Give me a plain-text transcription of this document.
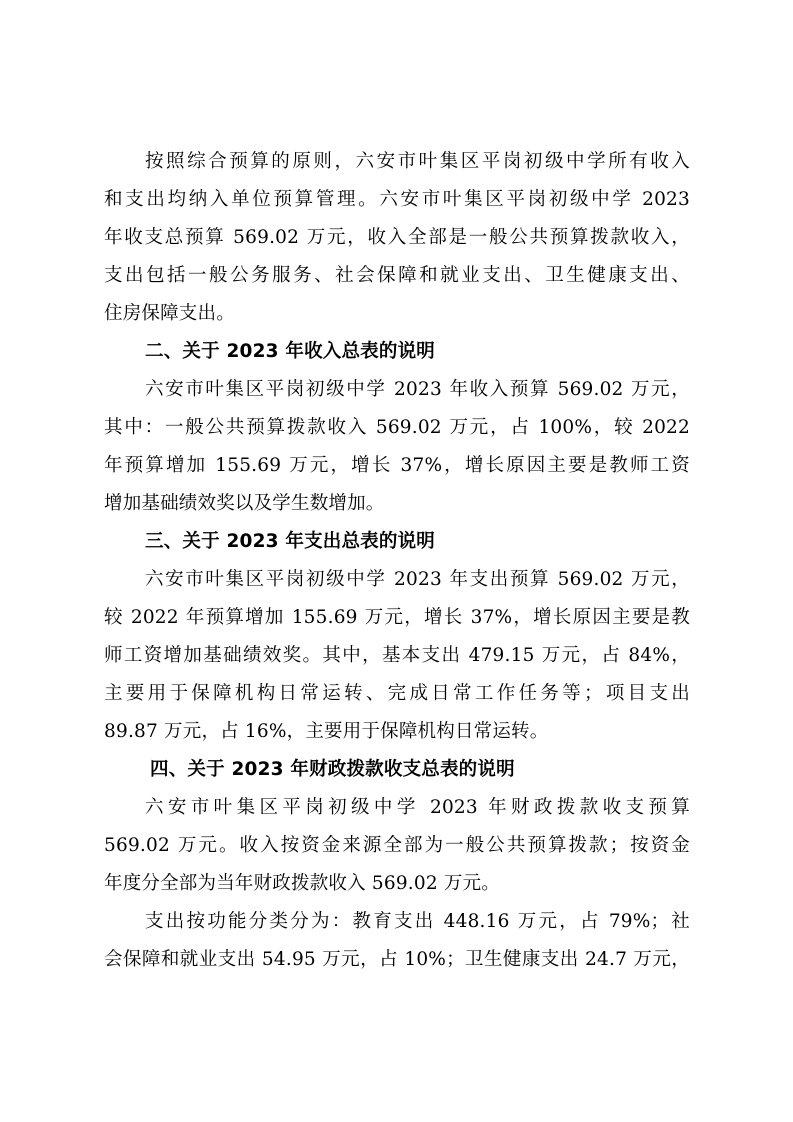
按照综合预算的原则，六安市叶集区平岗初级中学所有收入
和支出均纳入单位预算管理。六安市叶集区平岗初级中学 2023
年收支总预算 569.02 万元，收入全部是一般公共预算拨款收入，
支出包括一般公务服务、社会保障和就业支出、卫生健康支出、
住房保障支出。
二、关于 2023 年收入总表的说明
六安市叶集区平岗初级中学 2023 年收入预算 569.02 万元，
其中：一般公共预算拨款收入 569.02 万元，占 100%，较 2022
年预算增加 155.69 万元，增长 37%，增长原因主要是教师工资
增加基础绩效奖以及学生数增加。
三、关于 2023 年支出总表的说明
六安市叶集区平岗初级中学 2023 年支出预算 569.02 万元，
较 2022 年预算增加 155.69 万元，增长 37%，增长原因主要是教
师工资增加基础绩效奖。其中，基本支出 479.15 万元，占 84%，
主要用于保障机构日常运转、完成日常工作任务等；项目支出
89.87 万元，占 16%，主要用于保障机构日常运转。
四、关于 2023 年财政拨款收支总表的说明
六安市叶集区平岗初级中学 2023 年财政拨款收支预算
569.02 万元。收入按资金来源全部为一般公共预算拨款；按资金
年度分全部为当年财政拨款收入 569.02 万元。
支出按功能分类分为：教育支出 448.16 万元，占 79%；社
会保障和就业支出 54.95 万元，占 10%；卫生健康支出 24.7 万元，
